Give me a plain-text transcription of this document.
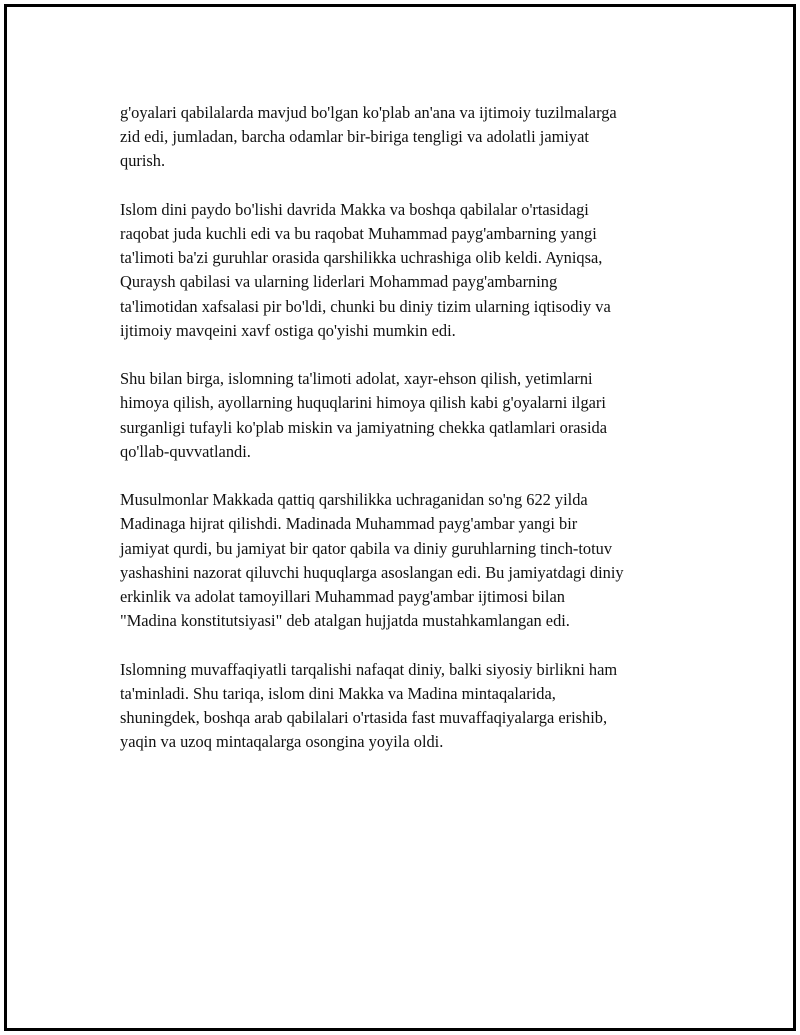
g'oyalari qabilalarda mavjud bo'lgan ko'plab an'ana va ijtimoiy tuzilmalarga
zid edi, jumladan, barcha odamlar bir-biriga tengligi va adolatli jamiyat
qurish.

Islom dini paydo bo'lishi davrida Makka va boshqa qabilalar o'rtasidagi
raqobat juda kuchli edi va bu raqobat Muhammad payg'ambarning yangi
ta'limoti ba'zi guruhlar orasida qarshilikka uchrashiga olib keldi. Ayniqsa,
Quraysh qabilasi va ularning liderlari Mohammad payg'ambarning
ta'limotidan xafsalasi pir bo'ldi, chunki bu diniy tizim ularning iqtisodiy va
ijtimoiy mavqeini xavf ostiga qo'yishi mumkin edi.

Shu bilan birga, islomning ta'limoti adolat, xayr-ehson qilish, yetimlarni
himoya qilish, ayollarning huquqlarini himoya qilish kabi g'oyalarni ilgari
surganligi tufayli ko'plab miskin va jamiyatning chekka qatlamlari orasida
qo'llab-quvvatlandi.

Musulmonlar Makkada qattiq qarshilikka uchraganidan so'ng 622 yilda
Madinaga hijrat qilishdi. Madinada Muhammad payg'ambar yangi bir
jamiyat qurdi, bu jamiyat bir qator qabila va diniy guruhlarning tinch-totuv
yashashini nazorat qiluvchi huquqlarga asoslangan edi. Bu jamiyatdagi diniy
erkinlik va adolat tamoyillari Muhammad payg'ambar ijtimosi bilan
"Madina konstitutsiyasi" deb atalgan hujjatda mustahkamlangan edi.

Islomning muvaffaqiyatli tarqalishi nafaqat diniy, balki siyosiy birlikni ham
ta'minladi. Shu tariqa, islom dini Makka va Madina mintaqalarida,
shuningdek, boshqa arab qabilalari o'rtasida fast muvaffaqiyalarga erishib,
yaqin va uzoq mintaqalarga osongina yoyila oldi.
